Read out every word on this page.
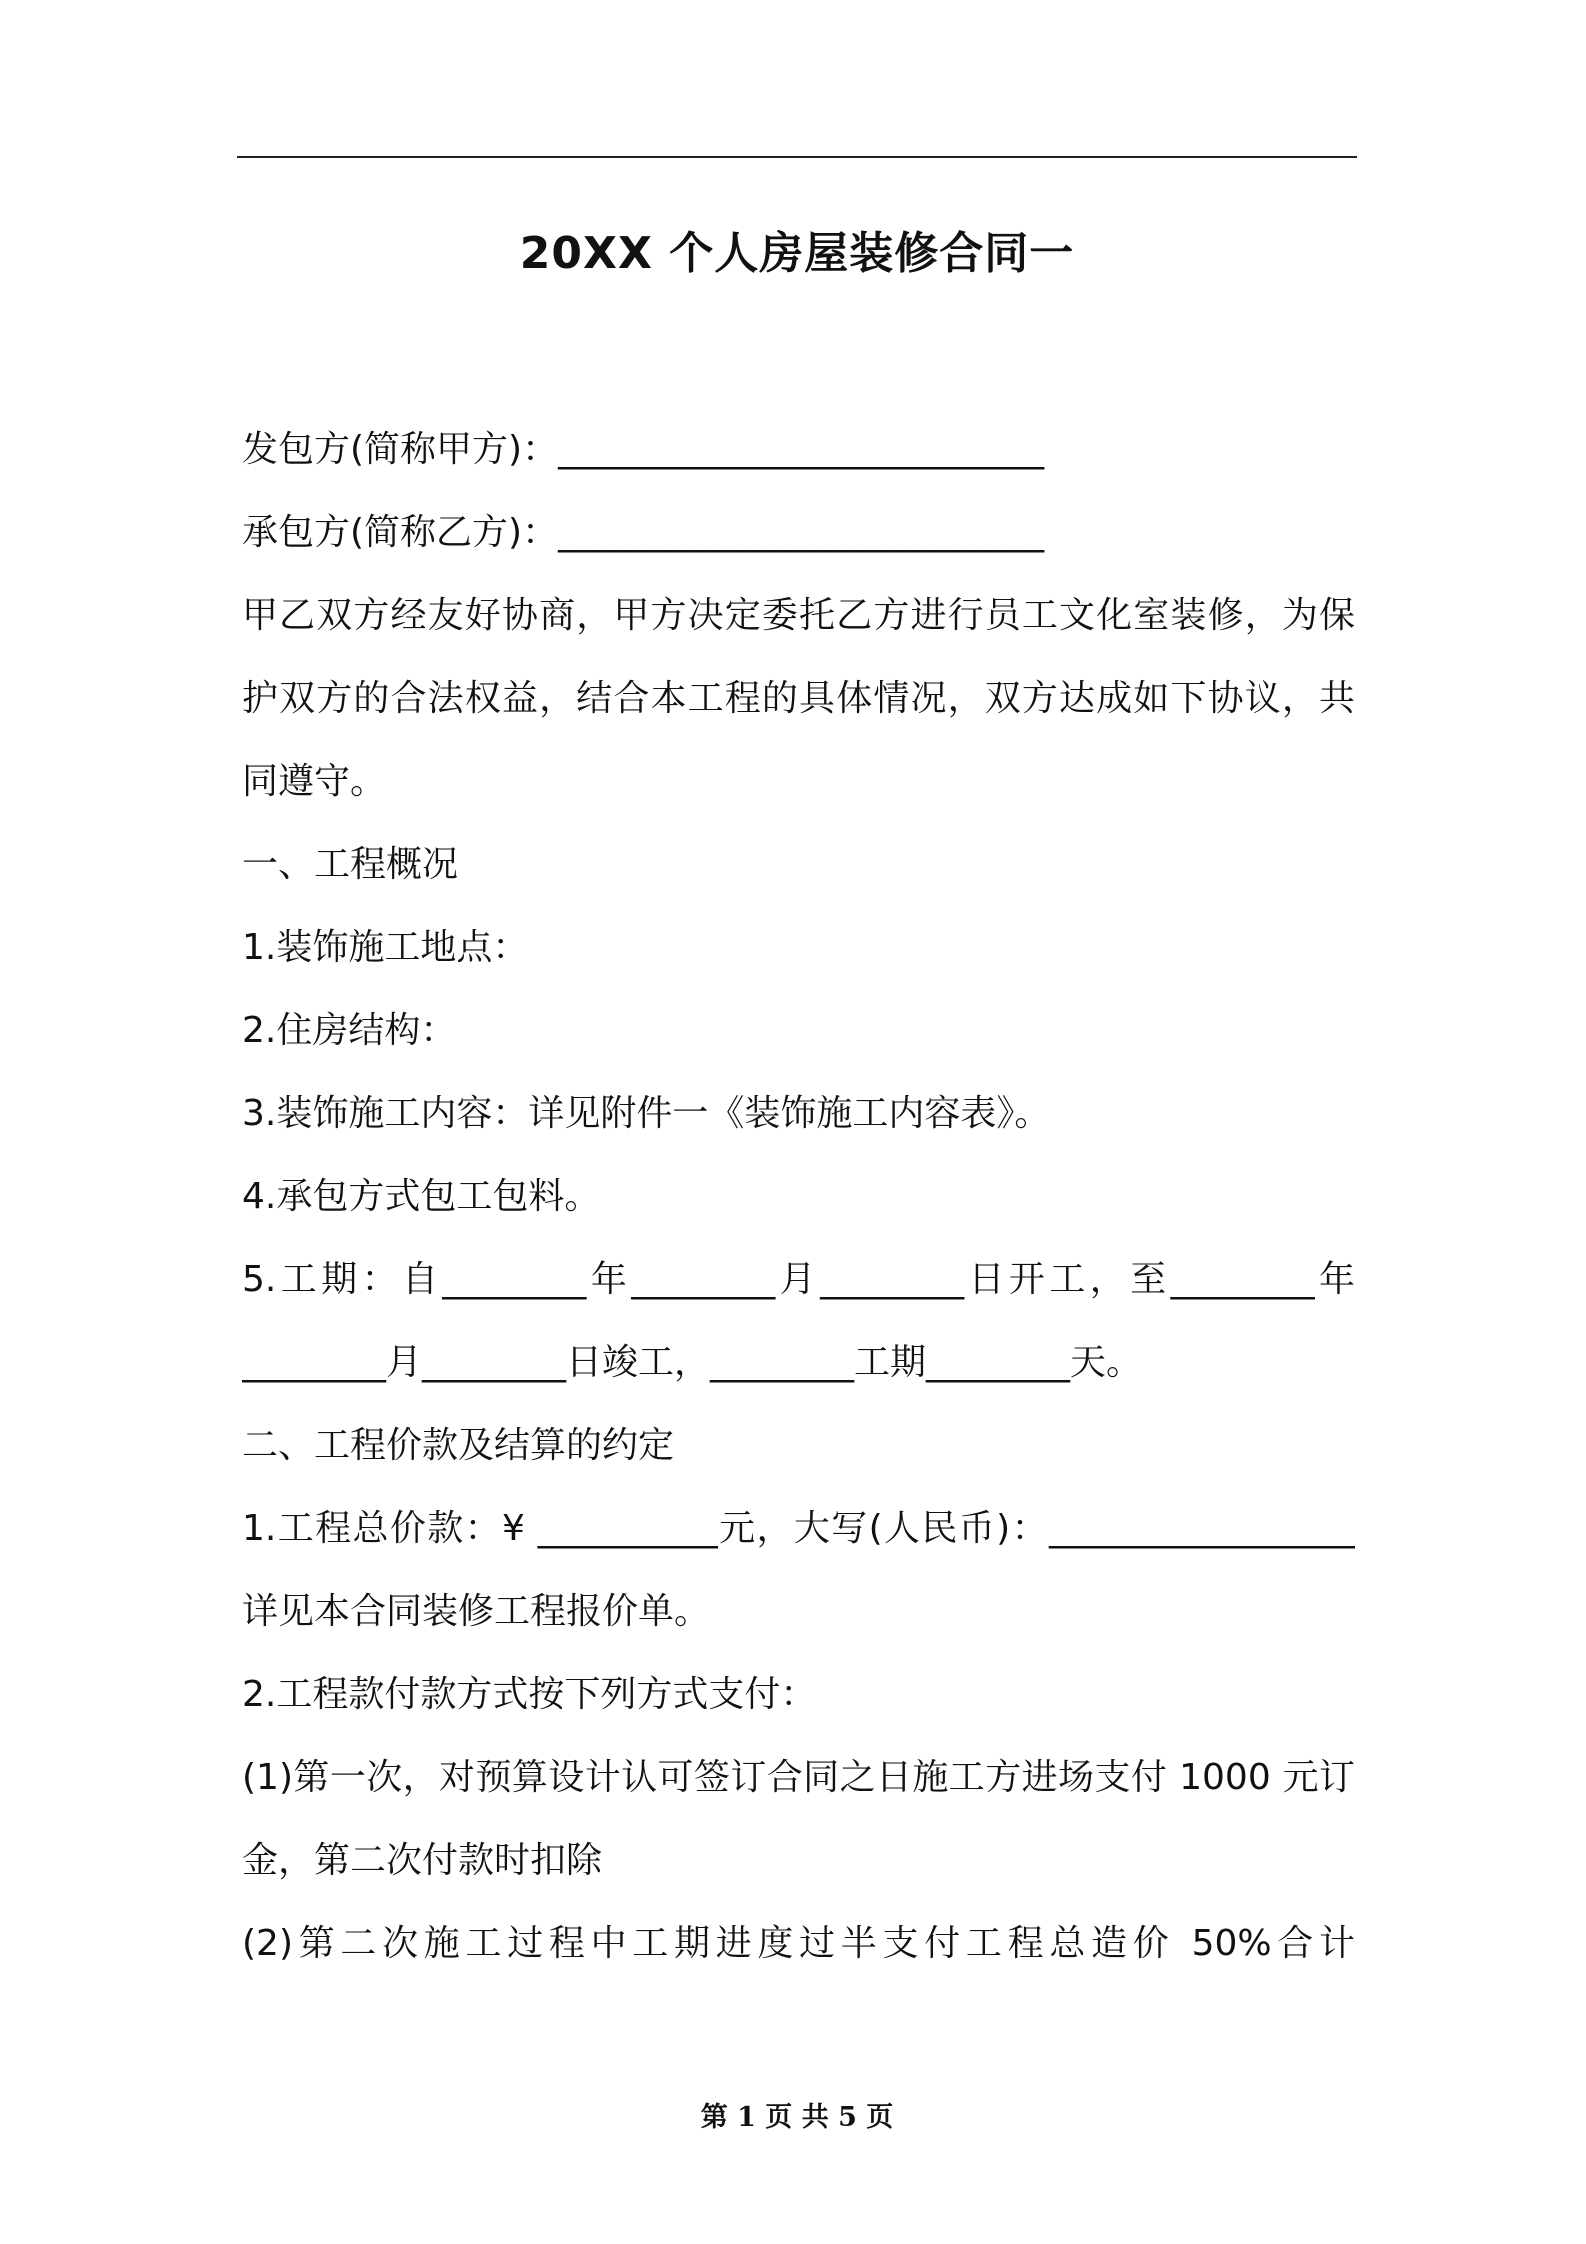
20XX 个人房屋装修合同一

发包方(简称甲方)：___________________________

承包方(简称乙方)：___________________________

甲乙双方经友好协商，甲方决定委托乙方进行员工文化室装修，为保护双方的合法权益，结合本工程的具体情况，双方达成如下协议，共同遵守。

一、工程概况

1.装饰施工地点：

2.住房结构：

3.装饰施工内容：详见附件一《装饰施工内容表》。

4.承包方式包工包料。

5.工期：自________年________月________日开工，至________年________月________日竣工，________工期________天。

二、工程价款及结算的约定

1.工程总价款：¥ __________元，大写(人民币)：_________________详见本合同装修工程报价单。

2.工程款付款方式按下列方式支付：

(1)第一次，对预算设计认可签订合同之日施工方进场支付 1000 元订金，第二次付款时扣除

(2)第二次施工过程中工期进度过半支付工程总造价 50%合计

第 1 页 共 5 页
